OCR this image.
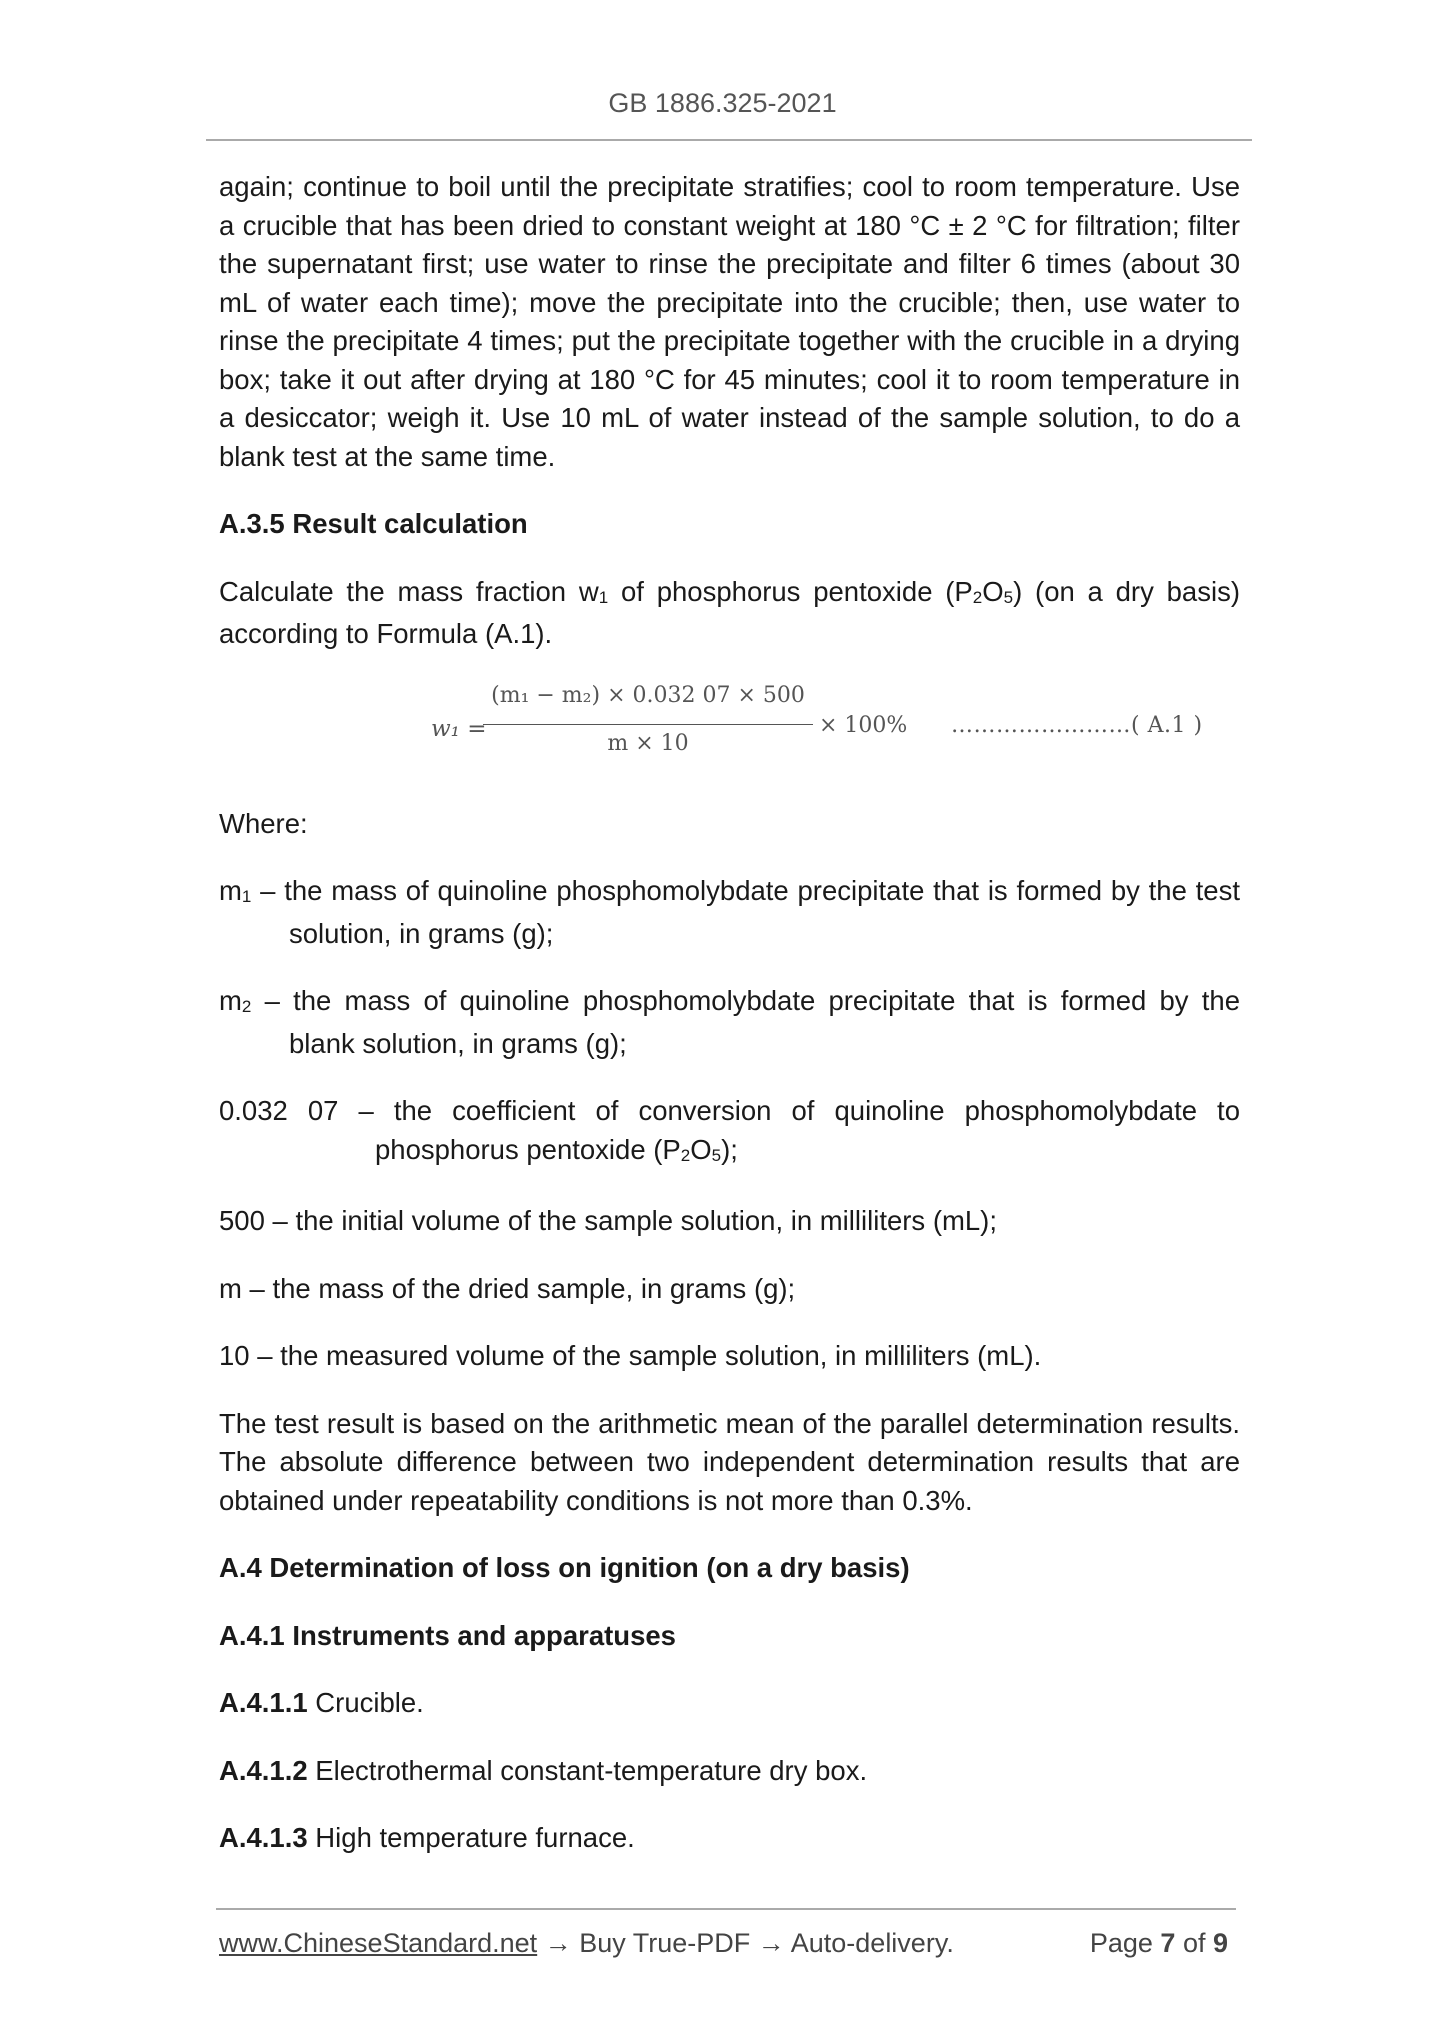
GB 1886.325-2021

again; continue to boil until the precipitate stratifies; cool to room temperature. Use a crucible that has been dried to constant weight at 180 °C ± 2 °C for filtration; filter the supernatant first; use water to rinse the precipitate and filter 6 times (about 30 mL of water each time); move the precipitate into the crucible; then, use water to rinse the precipitate 4 times; put the precipitate together with the crucible in a drying box; take it out after drying at 180 °C for 45 minutes; cool it to room temperature in a desiccator; weigh it. Use 10 mL of water instead of the sample solution, to do a blank test at the same time.

A.3.5 Result calculation

Calculate the mass fraction $w_1$ of phosphorus pentoxide $(P_2O_5)$ (on a dry basis) according to Formula (A.1).

w₁ =
(m₁ − m₂) × 0.032 07 × 500
m × 10
× 100% ……………………( A.1 )

Where:

$m_1$ – the mass of quinoline phosphomolybdate precipitate that is formed by the test solution, in grams (g);

$m_2$ – the mass of quinoline phosphomolybdate precipitate that is formed by the blank solution, in grams (g);

0.032 07 – the coefficient of conversion of quinoline phosphomolybdate to phosphorus pentoxide $(P_2O_5)$;

500 – the initial volume of the sample solution, in milliliters (mL);

m – the mass of the dried sample, in grams (g);

10 – the measured volume of the sample solution, in milliliters (mL).

The test result is based on the arithmetic mean of the parallel determination results. The absolute difference between two independent determination results that are obtained under repeatability conditions is not more than 0.3%.

A.4 Determination of loss on ignition (on a dry basis)
A.4.1 Instruments and apparatuses

A.4.1.1 Crucible.

A.4.1.2 Electrothermal constant-temperature dry box.

A.4.1.3 High temperature furnace.

www.ChineseStandard.net → Buy True-PDF → Auto-delivery.	Page 7 of 9
